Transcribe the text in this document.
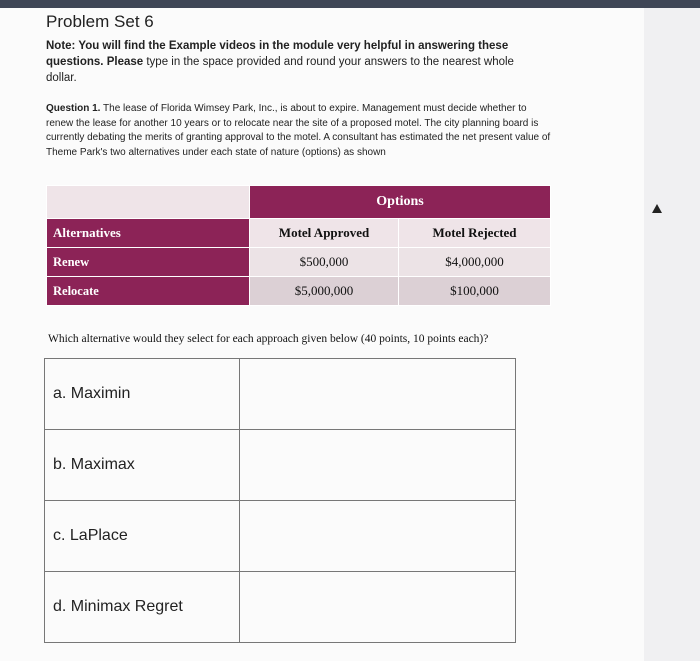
Problem Set 6
Note: You will find the Example videos in the module very helpful in answering these questions. Please type in the space provided and round your answers to the nearest whole dollar.
Question 1. The lease of Florida Wimsey Park, Inc., is about to expire. Management must decide whether to renew the lease for another 10 years or to relocate near the site of a proposed motel. The city planning board is currently debating the merits of granting approval to the motel. A consultant has estimated the net present value of Theme Park's two alternatives under each state of nature (options) as shown
	Options	
Alternatives	Motel Approved	Motel Rejected
Renew	$500,000	$4,000,000
Relocate	$5,000,000	$100,000
Which alternative would they select for each approach given below (40 points, 10 points each)?
a. Maximin	
b. Maximax	
c. LaPlace	
d. Minimax Regret	
